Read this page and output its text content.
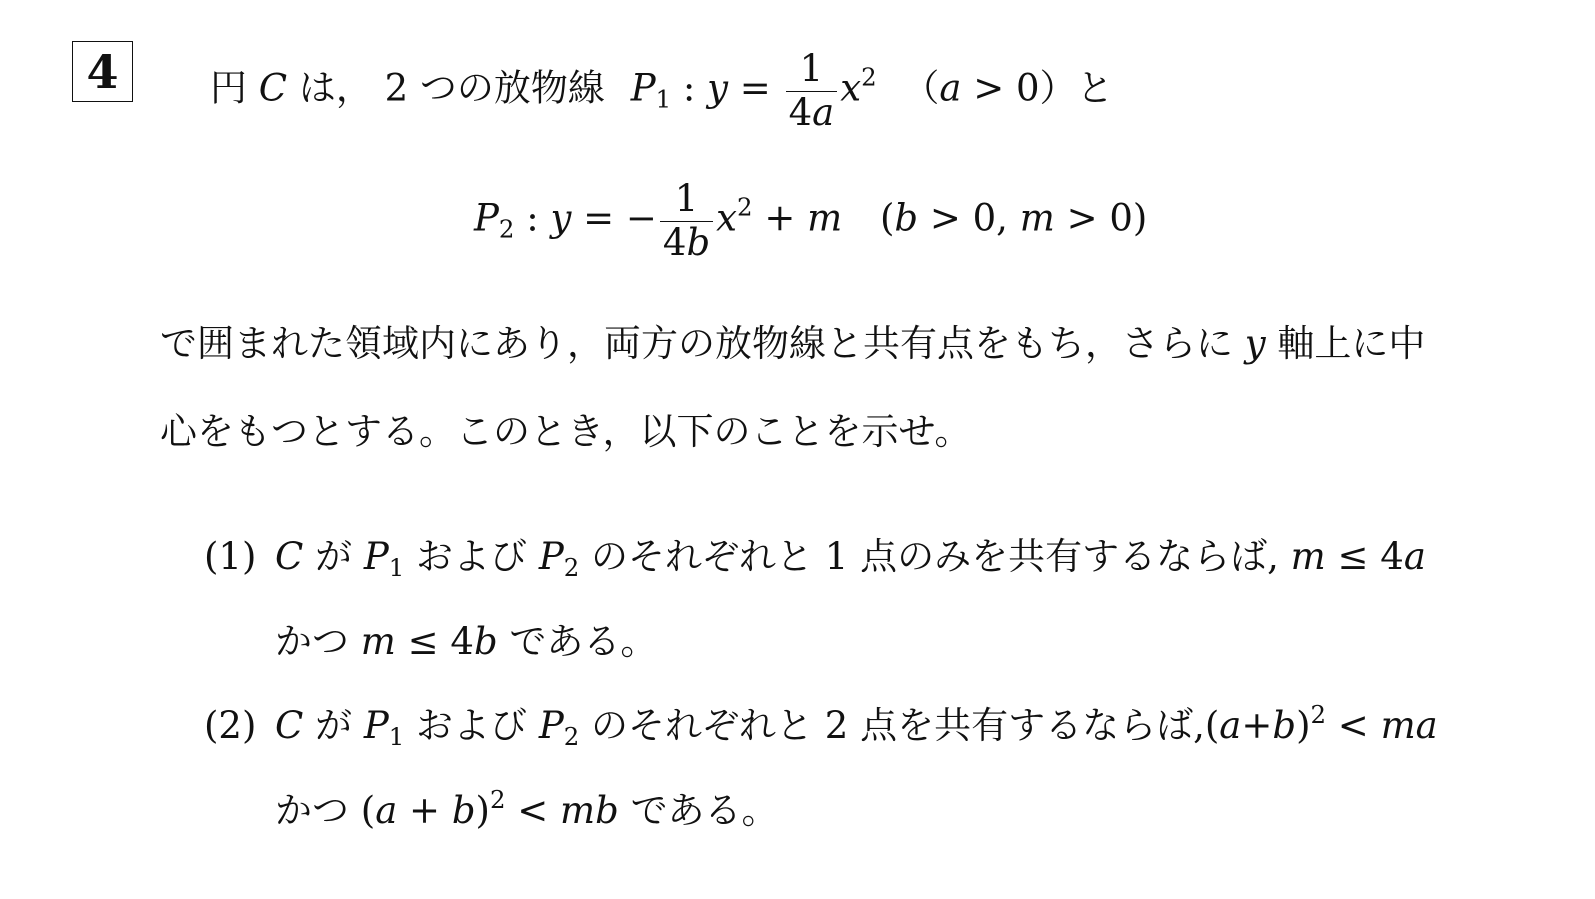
4 円 C は， 2 つの放物線 $P_1$ : $y = \frac{1}{4a} x^2$ （a > 0）と
$P_2$ : y = − $\frac{1}{4b} x^2 + m$ (b > 0, m > 0)
で囲まれた領域内にあり，両方の放物線と共有点をもち，さらに y 軸上に中
心をもつとする。このとき，以下のことを示せ。
(1) C が $P_1$ および $P_2$ のそれぞれと 1 点のみを共有するならば, m ≤ 4a
かつ m ≤ 4b である。
(2) C が $P_1$ および $P_2$ のそれぞれと 2 点を共有するならば$,(a+b)^2$ < ma
かつ $(a + b)^2$ < mb である。
